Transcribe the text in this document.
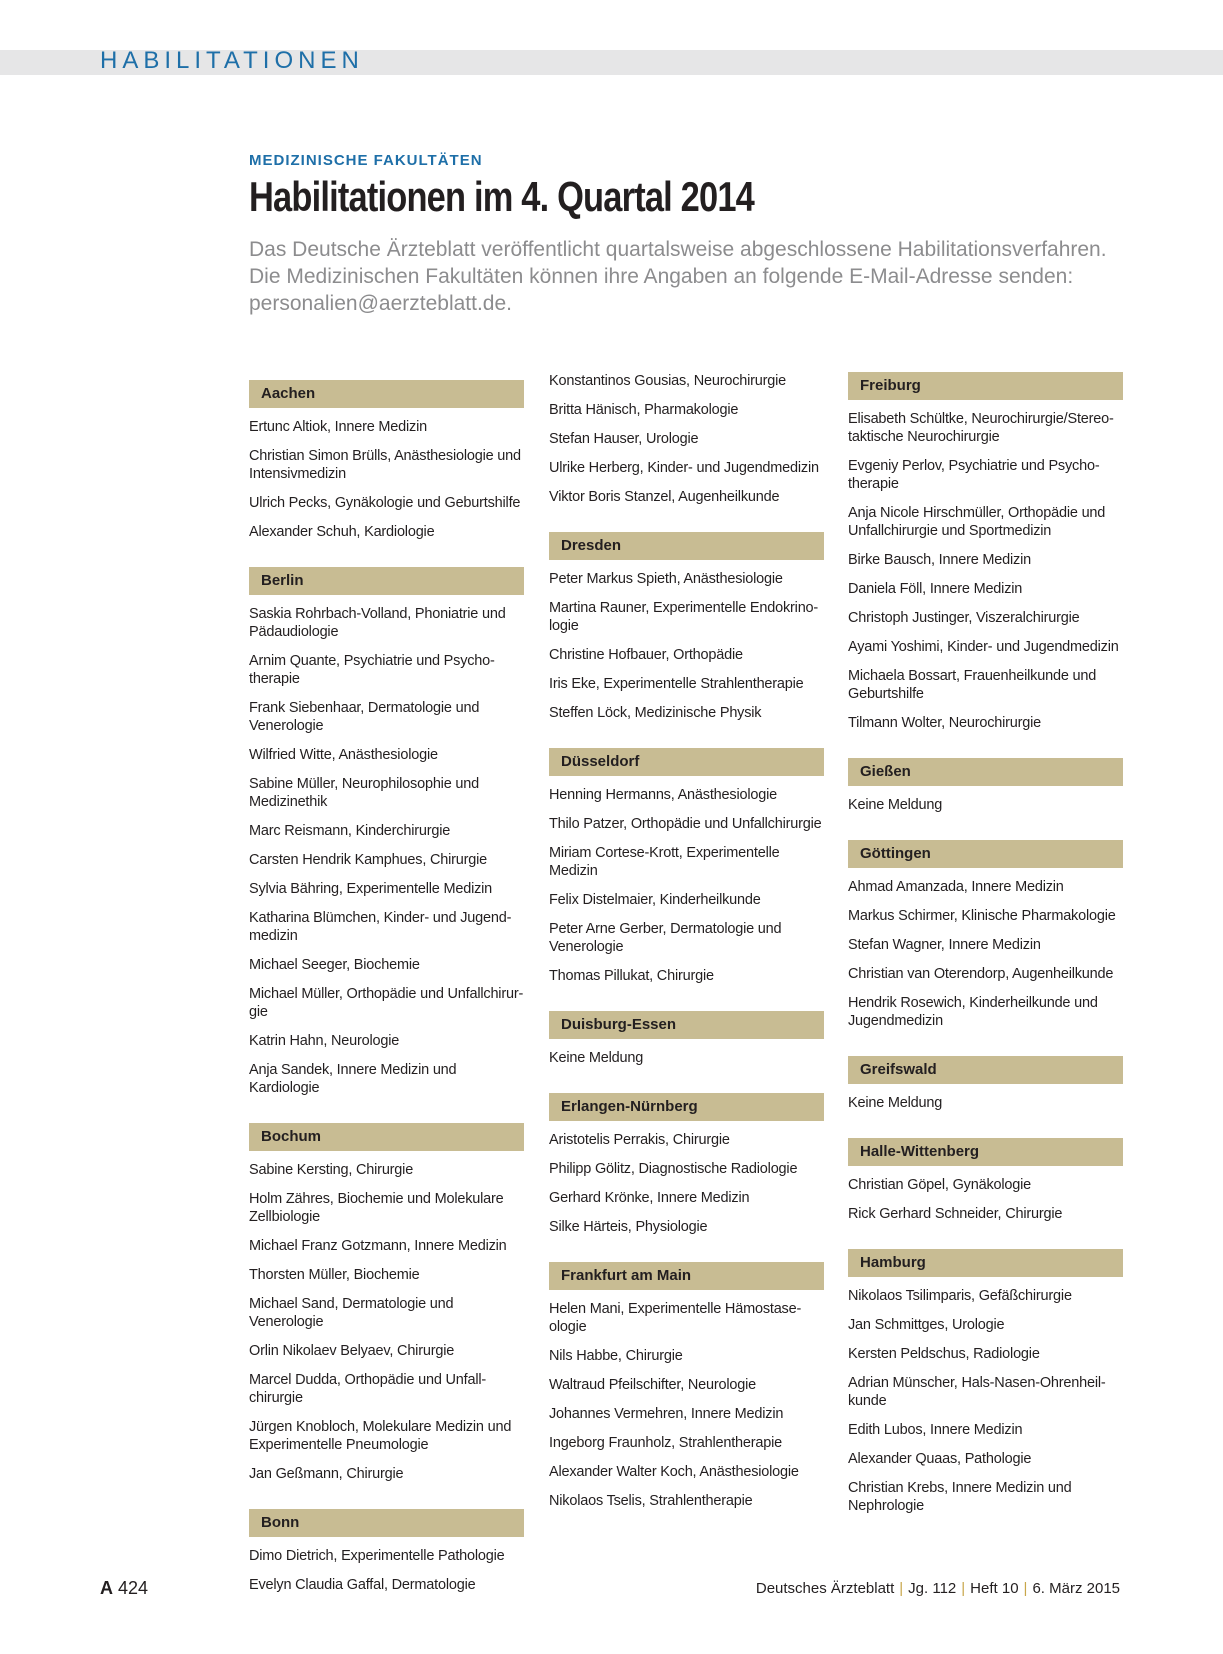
HABILITATIONEN
MEDIZINISCHE FAKULTÄTEN
Habilitationen im 4. Quartal 2014
Das Deutsche Ärzteblatt veröffentlicht quartalsweise abgeschlossene Habilitationsverfahren. Die Medizinischen Fakultäten können ihre Angaben an folgende E-Mail-Adresse senden: personalien@aerzteblatt.de.
Aachen

Ertunc Altiok, Innere Medizin

Christian Simon Brülls, Anästhesiologie und Intensivmedizin

Ulrich Pecks, Gynäkologie und Geburtshilfe

Alexander Schuh, Kardiologie

Berlin

Saskia Rohrbach-Volland, Phoniatrie und Pädaudiologie

Arnim Quante, Psychiatrie und Psychotherapie

Frank Siebenhaar, Dermatologie und Venerologie

Wilfried Witte, Anästhesiologie

Sabine Müller, Neurophilosophie und Medizinethik

Marc Reismann, Kinderchirurgie

Carsten Hendrik Kamphues, Chirurgie

Sylvia Bähring, Experimentelle Medizin

Katharina Blümchen, Kinder- und Jugendmedizin

Michael Seeger, Biochemie

Michael Müller, Orthopädie und Unfallchirurgie

Katrin Hahn, Neurologie

Anja Sandek, Innere Medizin und Kardiologie

Bochum

Sabine Kersting, Chirurgie

Holm Zähres, Biochemie und Molekulare Zellbiologie

Michael Franz Gotzmann, Innere Medizin

Thorsten Müller, Biochemie

Michael Sand, Dermatologie und Venerologie

Orlin Nikolaev Belyaev, Chirurgie

Marcel Dudda, Orthopädie und Unfallchirurgie

Jürgen Knobloch, Molekulare Medizin und Experimentelle Pneumologie

Jan Geßmann, Chirurgie

Bonn

Dimo Dietrich, Experimentelle Pathologie

Evelyn Claudia Gaffal, Dermatologie

Konstantinos Gousias, Neurochirurgie

Britta Hänisch, Pharmakologie

Stefan Hauser, Urologie

Ulrike Herberg, Kinder- und Jugendmedizin

Viktor Boris Stanzel, Augenheilkunde

Dresden

Peter Markus Spieth, Anästhesiologie

Martina Rauner, Experimentelle Endokrinologie

Christine Hofbauer, Orthopädie

Iris Eke, Experimentelle Strahlentherapie

Steffen Löck, Medizinische Physik

Düsseldorf

Henning Hermanns, Anästhesiologie

Thilo Patzer, Orthopädie und Unfallchirurgie

Miriam Cortese-Krott, Experimentelle Medizin

Felix Distelmaier, Kinderheilkunde

Peter Arne Gerber, Dermatologie und Venerologie

Thomas Pillukat, Chirurgie

Duisburg-Essen

Keine Meldung

Erlangen-Nürnberg

Aristotelis Perrakis, Chirurgie

Philipp Gölitz, Diagnostische Radiologie

Gerhard Krönke, Innere Medizin

Silke Härteis, Physiologie

Frankfurt am Main

Helen Mani, Experimentelle Hämostaseologie

Nils Habbe, Chirurgie

Waltraud Pfeilschifter, Neurologie

Johannes Vermehren, Innere Medizin

Ingeborg Fraunholz, Strahlentherapie

Alexander Walter Koch, Anästhesiologie

Nikolaos Tselis, Strahlentherapie

Freiburg

Elisabeth Schültke, Neurochirurgie/Stereotaktische Neurochirurgie

Evgeniy Perlov, Psychiatrie und Psychotherapie

Anja Nicole Hirschmüller, Orthopädie und Unfallchirurgie und Sportmedizin

Birke Bausch, Innere Medizin

Daniela Föll, Innere Medizin

Christoph Justinger, Viszeralchirurgie

Ayami Yoshimi, Kinder- und Jugendmedizin

Michaela Bossart, Frauenheilkunde und Geburtshilfe

Tilmann Wolter, Neurochirurgie

Gießen

Keine Meldung

Göttingen

Ahmad Amanzada, Innere Medizin

Markus Schirmer, Klinische Pharmakologie

Stefan Wagner, Innere Medizin

Christian van Oterendorp, Augenheilkunde

Hendrik Rosewich, Kinderheilkunde und Jugendmedizin

Greifswald

Keine Meldung

Halle-Wittenberg

Christian Göpel, Gynäkologie

Rick Gerhard Schneider, Chirurgie

Hamburg

Nikolaos Tsilimparis, Gefäßchirurgie

Jan Schmittges, Urologie

Kersten Peldschus, Radiologie

Adrian Münscher, Hals-Nasen-Ohrenheilkunde

Edith Lubos, Innere Medizin

Alexander Quaas, Pathologie

Christian Krebs, Innere Medizin und Nephrologie

A 424	Deutsches Ärzteblatt | Jg. 112 | Heft 10 | 6. März 2015
